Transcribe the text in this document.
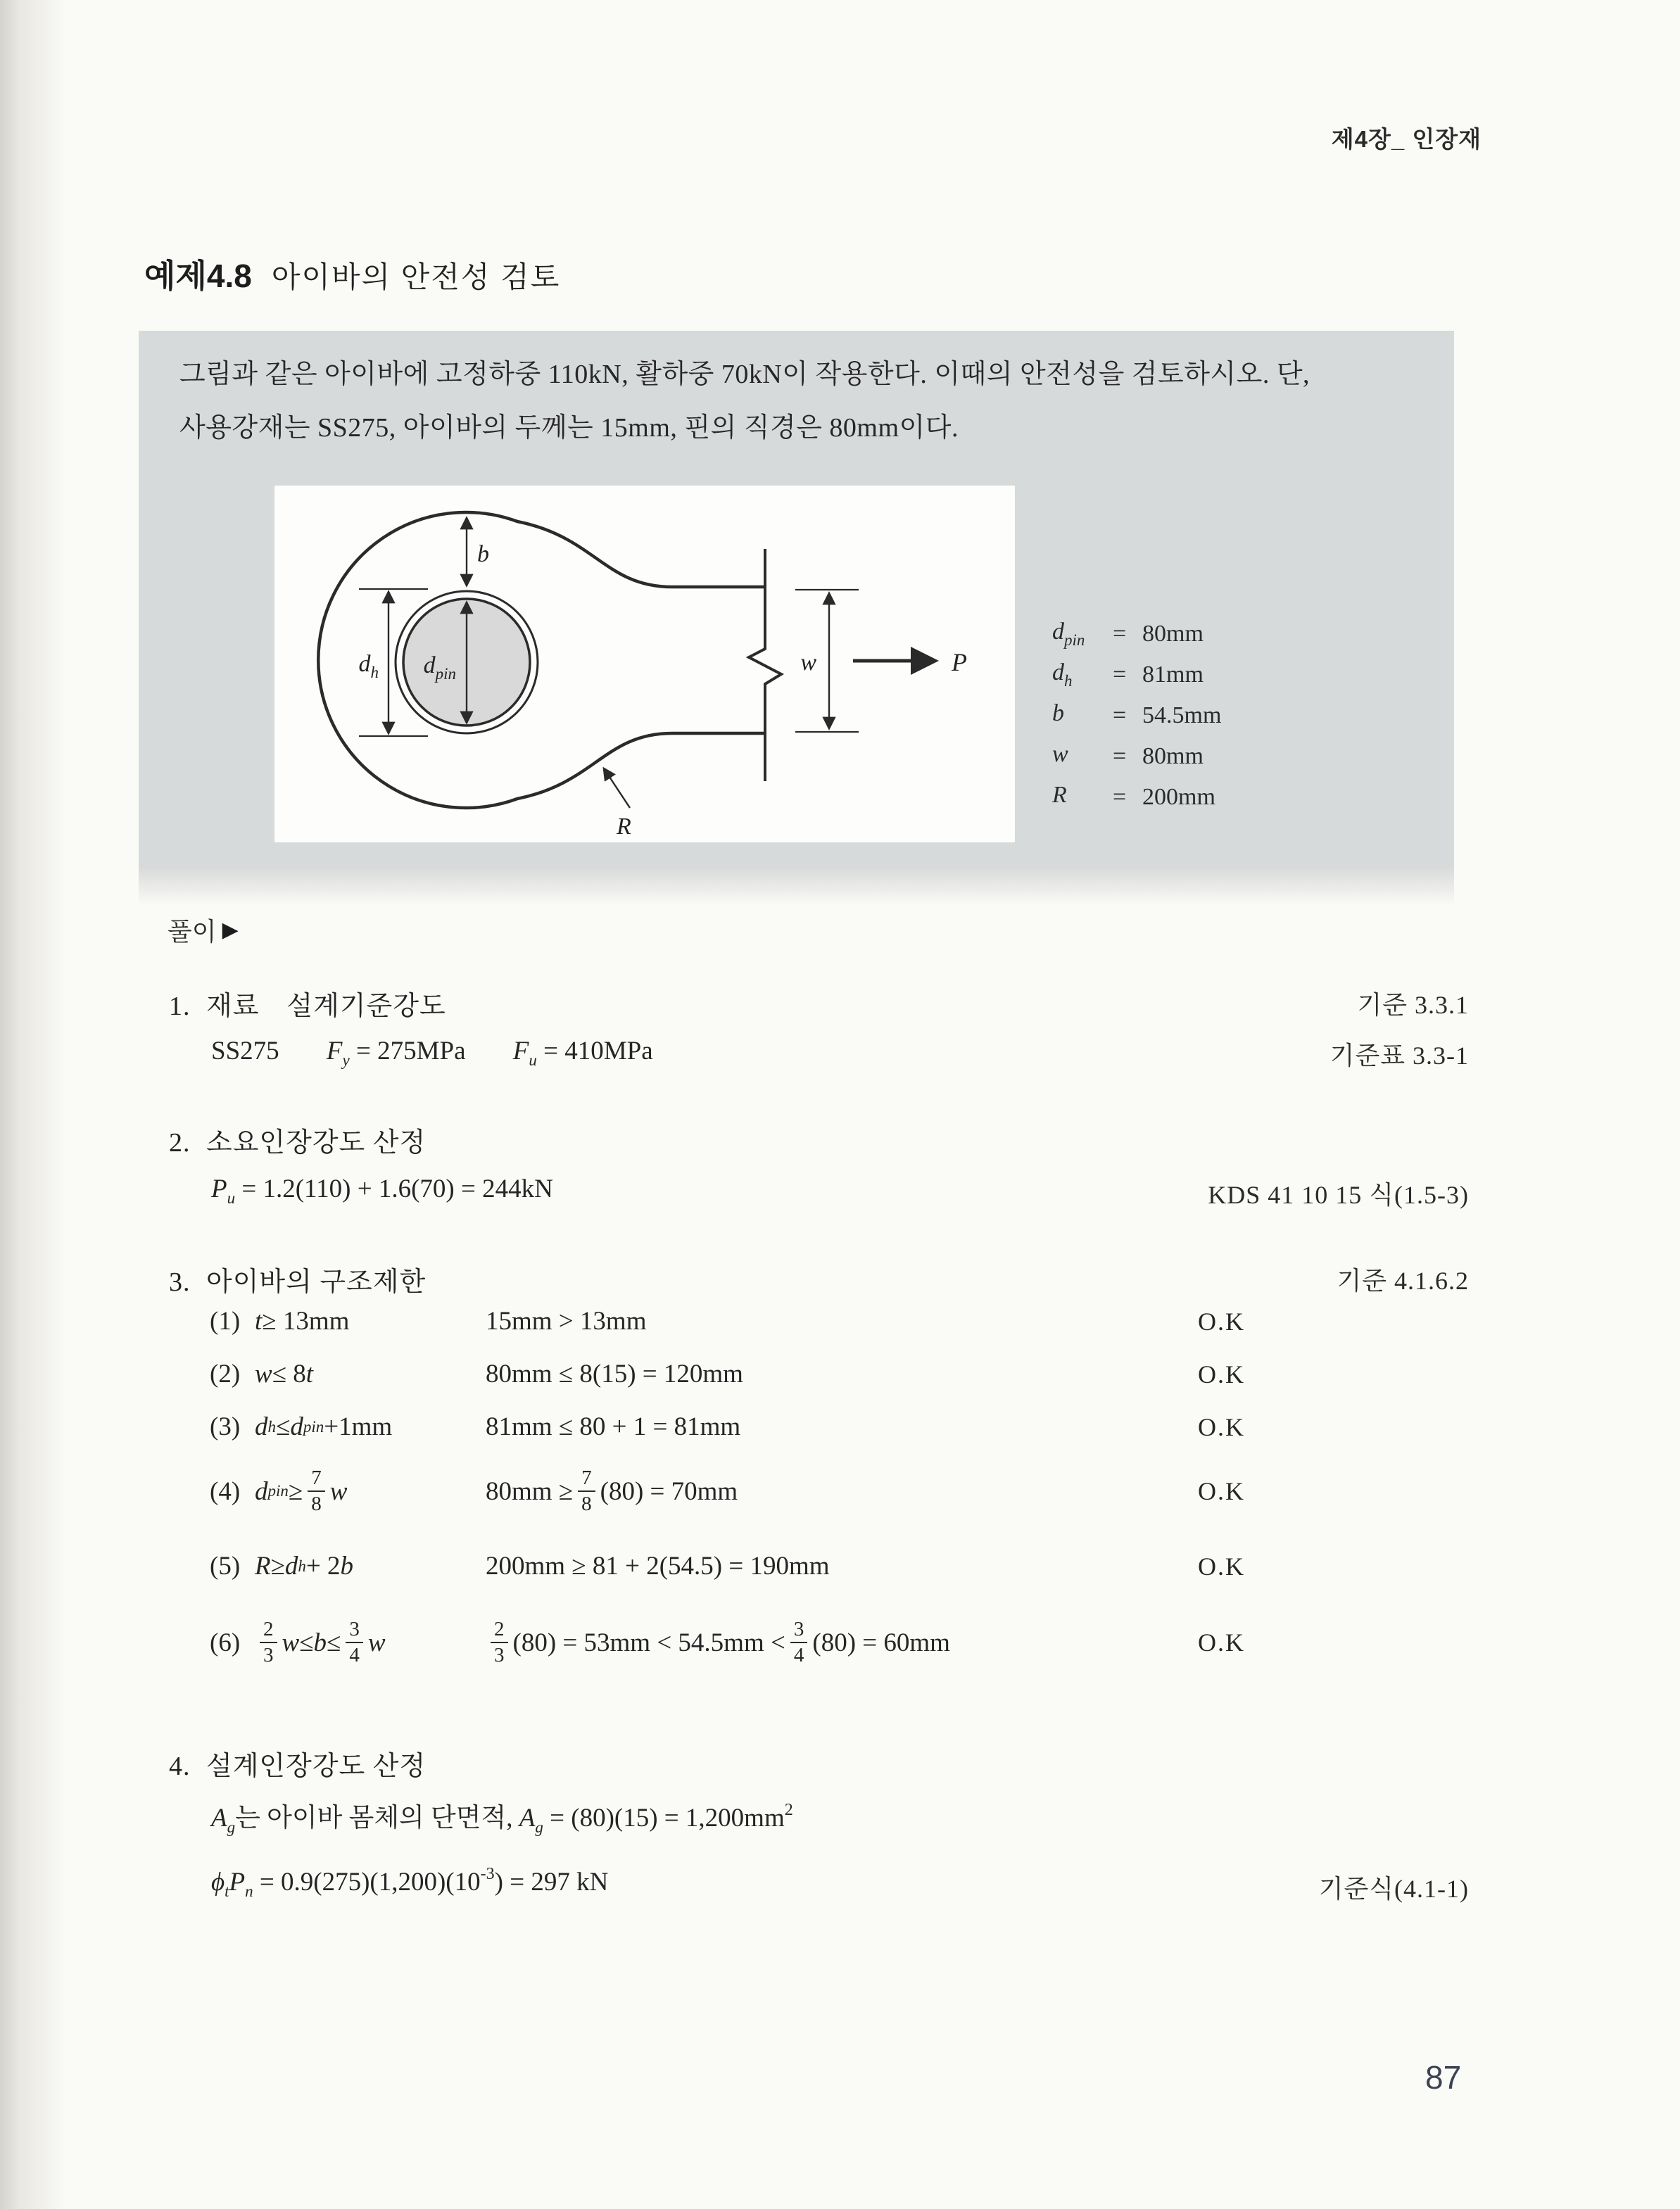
제4장_ 인장재
예제4.8 아이바의 안전성 검토
그림과 같은 아이바에 고정하중 110kN, 활하중 70kN이 작용한다. 이때의 안전성을 검토하시오. 단,
사용강재는 SS275, 아이바의 두께는 15mm, 핀의 직경은 80mm이다.
b
$d_h$ $d_{pin}$	w	P
R
$d_{pin}$	= 80mm
$d_h$	= 81mm
b	= 54.5mm
w	= 80mm
R	= 200mm
풀이 ▶
1. 재료　설계기준강도	기준 3.3.1
SS275 $F_y = 275MPa$ $F_u = 410MPa$	기준표 3.3-1
2. 소요인장강도 산정
$P_u = 1.2(110) + 1.6(70) = 244kN$	KDS 41 10 15 식(1.5-3)
3. 아이바의 구조제한	기준 4.1.6.2
(1) t ≥ 13mm	15mm > 13mm	O.K
(2) w ≤ 8 t	80mm ≤ 8(15) = 120mm	O.K
(3) d h ≤ d pin +1mm	81mm ≤ 80 + 1 = 81mm	O.K
(4) d pin ≥ $\frac{7}{8}$ w	$80mm \ge \frac{7}{8} (80) = 70mm$	O.K
(5) R ≥ d h + 2 b	200mm ≥ 81 + 2(54.5) = 190mm	O.K
$(6) \frac{2}{3}$ $w \le b \le \frac{3}{4}$ w	$\frac{2}{3} (80) = 53mm < 54.5mm < \frac{3}{4} (80) = 60mm$	O.K
4. 설계인장강도 산정
$A_g$는 아이바 몸체의 단면적, $A_g = (80)(15) = 1,200mm^2$
$\phi_tP_n = 0.9(275)(1,200)(10^{-3}) = 297$ kN	기준식(4.1-1)
87
